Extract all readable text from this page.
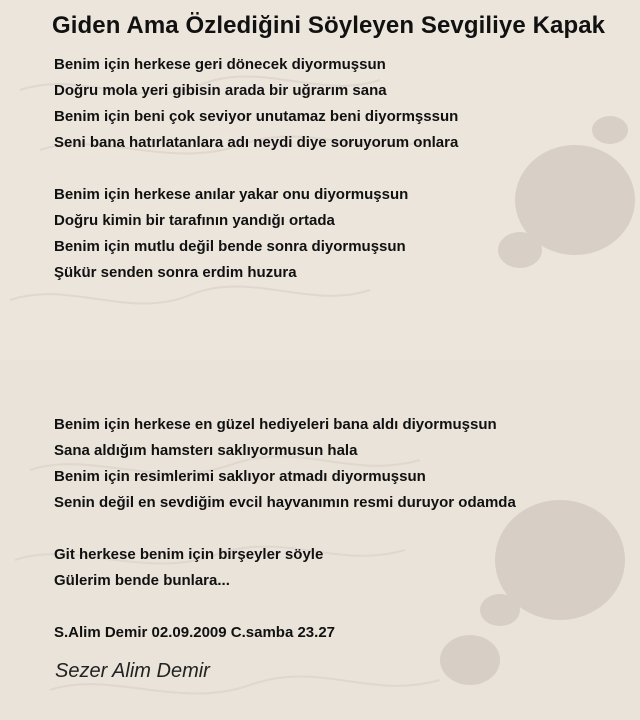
Giden Ama Özlediğini Söyleyen Sevgiliye Kapak
Benim için herkese geri dönecek diyormuşsun
Doğru mola yeri gibisin arada bir uğrarım sana
Benim için beni çok seviyor unutamaz beni diyormşssun
Seni bana hatırlatanlara adı neydi diye soruyorum onlara
Benim için herkese anılar yakar onu diyormuşsun
Doğru kimin bir tarafının yandığı ortada
Benim için mutlu değil bende sonra diyormuşsun
Şükür senden sonra erdim huzura
Benim için herkese en güzel hediyeleri bana aldı diyormuşsun
Sana aldığım hamsterı saklıyormusun hala
Benim için resimlerimi saklıyor atmadı diyormuşsun
Senin değil en sevdiğim evcil hayvanımın resmi duruyor odamda
Git herkese benim için birşeyler söyle
Gülerim bende bunlara...
S.Alim Demir 02.09.2009 C.samba 23.27
Sezer Alim Demir
